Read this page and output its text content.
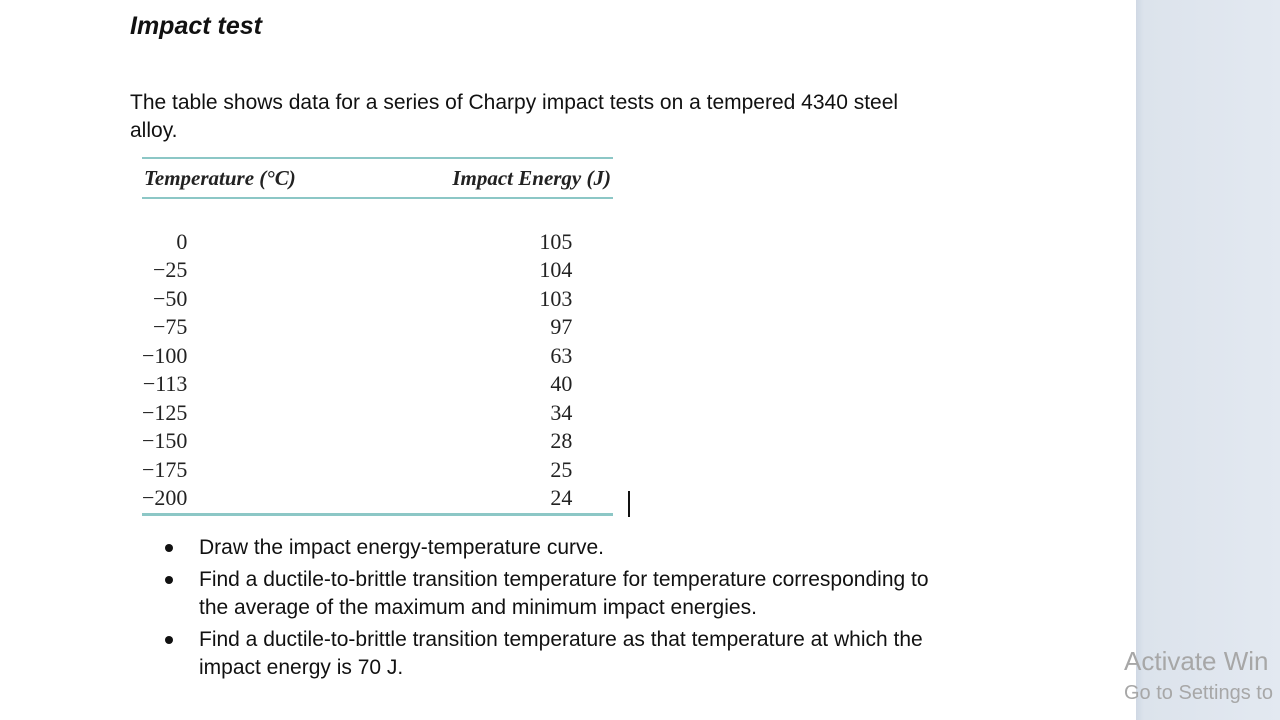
Impact test

The table shows data for a series of Charpy impact tests on a tempered 4340 steel alloy.

Temperature (°C)	Impact Energy (J)

0	105
−25	104
−50	103
−75	97
−100	63
−113	40
−125	34
−150	28
−175	25
−200	24
Draw the impact energy-temperature curve.
Find a ductile-to-brittle transition temperature for temperature corresponding to the average of the maximum and minimum impact energies.
Find a ductile-to-brittle transition temperature as that temperature at which the impact energy is 70 J.	Activate Win
Go to Settings to
